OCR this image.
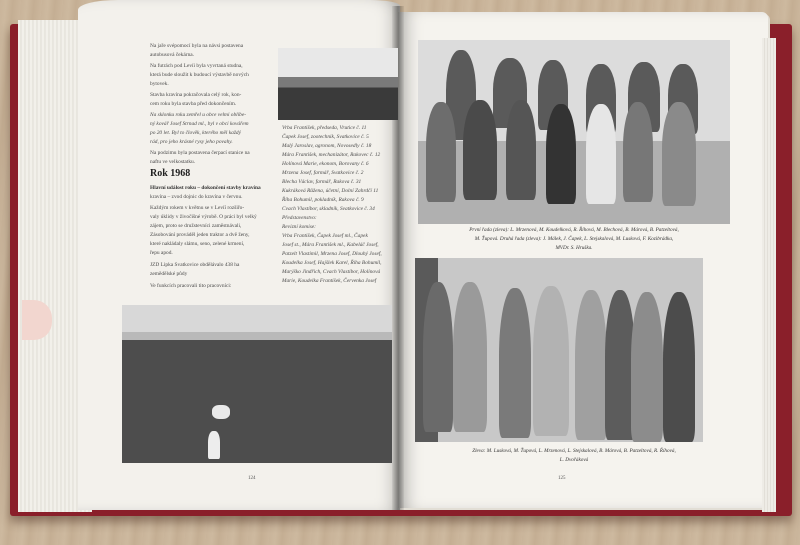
Na jaře svépomocí byla na návsi postavena

autobusová čekárna.

Na futrách pod Levíi byla vyvrtaná studna,

která bude sloužit k budoucí výstavbě nových

bytovek.

Stavba kravína pokračovala celý rok, kon-

cem roku byla stavba před dokončením.

Na sklonku roku zemřel u obce velmi oblíbe-

ný kovář Josef Strnad ml., byl v obci kovářem

po 20 let. Byl to člověk, kterého měl každý

rád, pro jeho krásné rysy jeho povahy.

Na podzimu byla postavena čerpací stanice na

naftu ve velkostatku.

Rok 1968

Hlavní událost roku – dokončení stavby kravína

kravína – zvod dojnic do kravína v červnu.

Každým rokem v květnu se v Levíí rozšiřo-

valy úklidy v živočišné výrobě. O práci byl velký

zájem, proto se družstevníci zaměstnávali,

Zásobování prováděl jeden traktor a dvě ženy,

které nakládaly slámu, seno, zelené krmení,

řepu apod.

JZD Lipka Svatkovice obdělávalo 438 ha

zemědělské půdy

Ve funkcích pracovali tito pracovníci:

Vrba František, předseda, Vrutice č. 11

Čapek Josef, zootechnik, Svatkovice č. 5

Malý Jaroslav, agronom, Novosedly č. 18

Mára František, mechanizátor, Rakovec č. 12

Holínová Marie, ekonom, Borovany č. 6

Mrzena Josef, farmář, Svatkovice č. 2

Blecha Václav, farmář, Rakova č. 31

Kukráková Růžena, účetní, Dolní Zahrdčí 11

Říha Bohumil, pokladník, Rakova č. 9

Cvach Vlastibor, skladník, Svatkovice č. 34

Představenstvo:

Revizní komise:

Vrba František, Čapek Josef ml., Čapek

Josef st., Mára František ml., Kabeláč Josef,

Patzelt Vlastimil, Mrzena Josef, Dlouhý Josef,

Koudelka Josef, Hajšlek Karel, Říha Bohumil,

Marýško Jindřich, Cvach Vlastibor, Holínová

Marie, Koudelka František, Červenka Josef

124
První řada (zleva): L. Mrzenová, M. Koudelková, R. Říhová, M. Blechová, B. Márová, B. Patzeltová,
M. Ťupová. Druhá řada (zleva): J. Málek, J. Čapek, L. Stejskalová, M. Lusková, F. Kozibrádka,
MVDr. S. Hruška.
Zleva: M. Lusková, M. Ťupová, L. Mrzenová, L. Stejskalová, B. Márová, B. Patzeltová, R. Říhová,
L. Dvořáková
125
